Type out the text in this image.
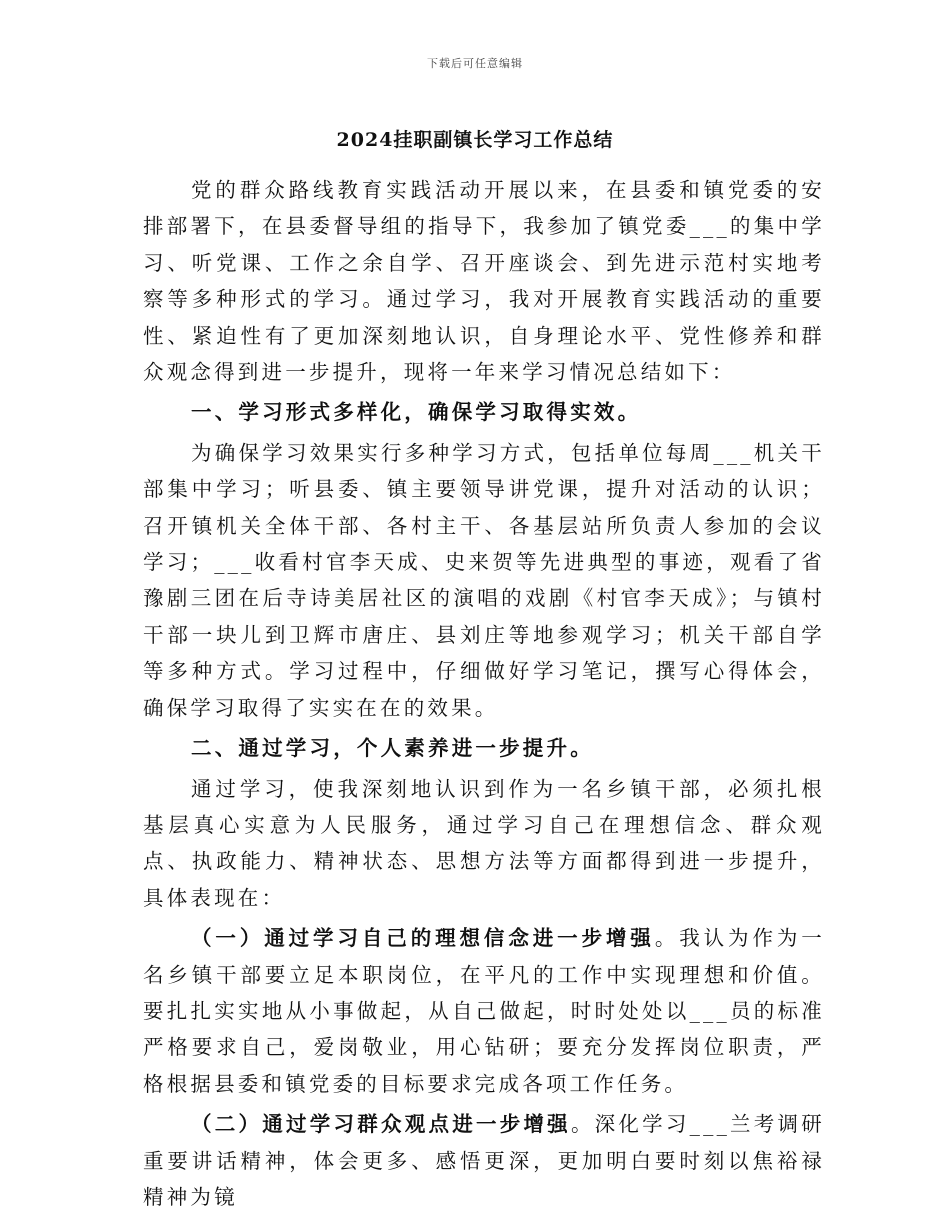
下载后可任意编辑
2024挂职副镇长学习工作总结

党的群众路线教育实践活动开展以来，在县委和镇党委的安排部署下，在县委督导组的指导下，我参加了镇党委___的集中学习、听党课、工作之余自学、召开座谈会、到先进示范村实地考察等多种形式的学习。通过学习，我对开展教育实践活动的重要性、紧迫性有了更加深刻地认识，自身理论水平、党性修养和群众观念得到进一步提升，现将一年来学习情况总结如下：

一、学习形式多样化，确保学习取得实效。

为确保学习效果实行多种学习方式，包括单位每周___机关干部集中学习；听县委、镇主要领导讲党课，提升对活动的认识；召开镇机关全体干部、各村主干、各基层站所负责人参加的会议学习；___收看村官李天成、史来贺等先进典型的事迹，观看了省豫剧三团在后寺诗美居社区的演唱的戏剧《村官李天成》；与镇村干部一块儿到卫辉市唐庄、县刘庄等地参观学习；机关干部自学等多种方式。学习过程中，仔细做好学习笔记，撰写心得体会，确保学习取得了实实在在的效果。

二、通过学习，个人素养进一步提升。

通过学习，使我深刻地认识到作为一名乡镇干部，必须扎根基层真心实意为人民服务，通过学习自己在理想信念、群众观点、执政能力、精神状态、思想方法等方面都得到进一步提升，具体表现在：

（一）通过学习自己的理想信念进一步增强。我认为作为一名乡镇干部要立足本职岗位，在平凡的工作中实现理想和价值。要扎扎实实地从小事做起，从自己做起，时时处处以___员的标准严格要求自己，爱岗敬业，用心钻研；要充分发挥岗位职责，严格根据县委和镇党委的目标要求完成各项工作任务。

（二）通过学习群众观点进一步增强。深化学习___兰考调研重要讲话精神，体会更多、感悟更深，更加明白要时刻以焦裕禄精神为镜
